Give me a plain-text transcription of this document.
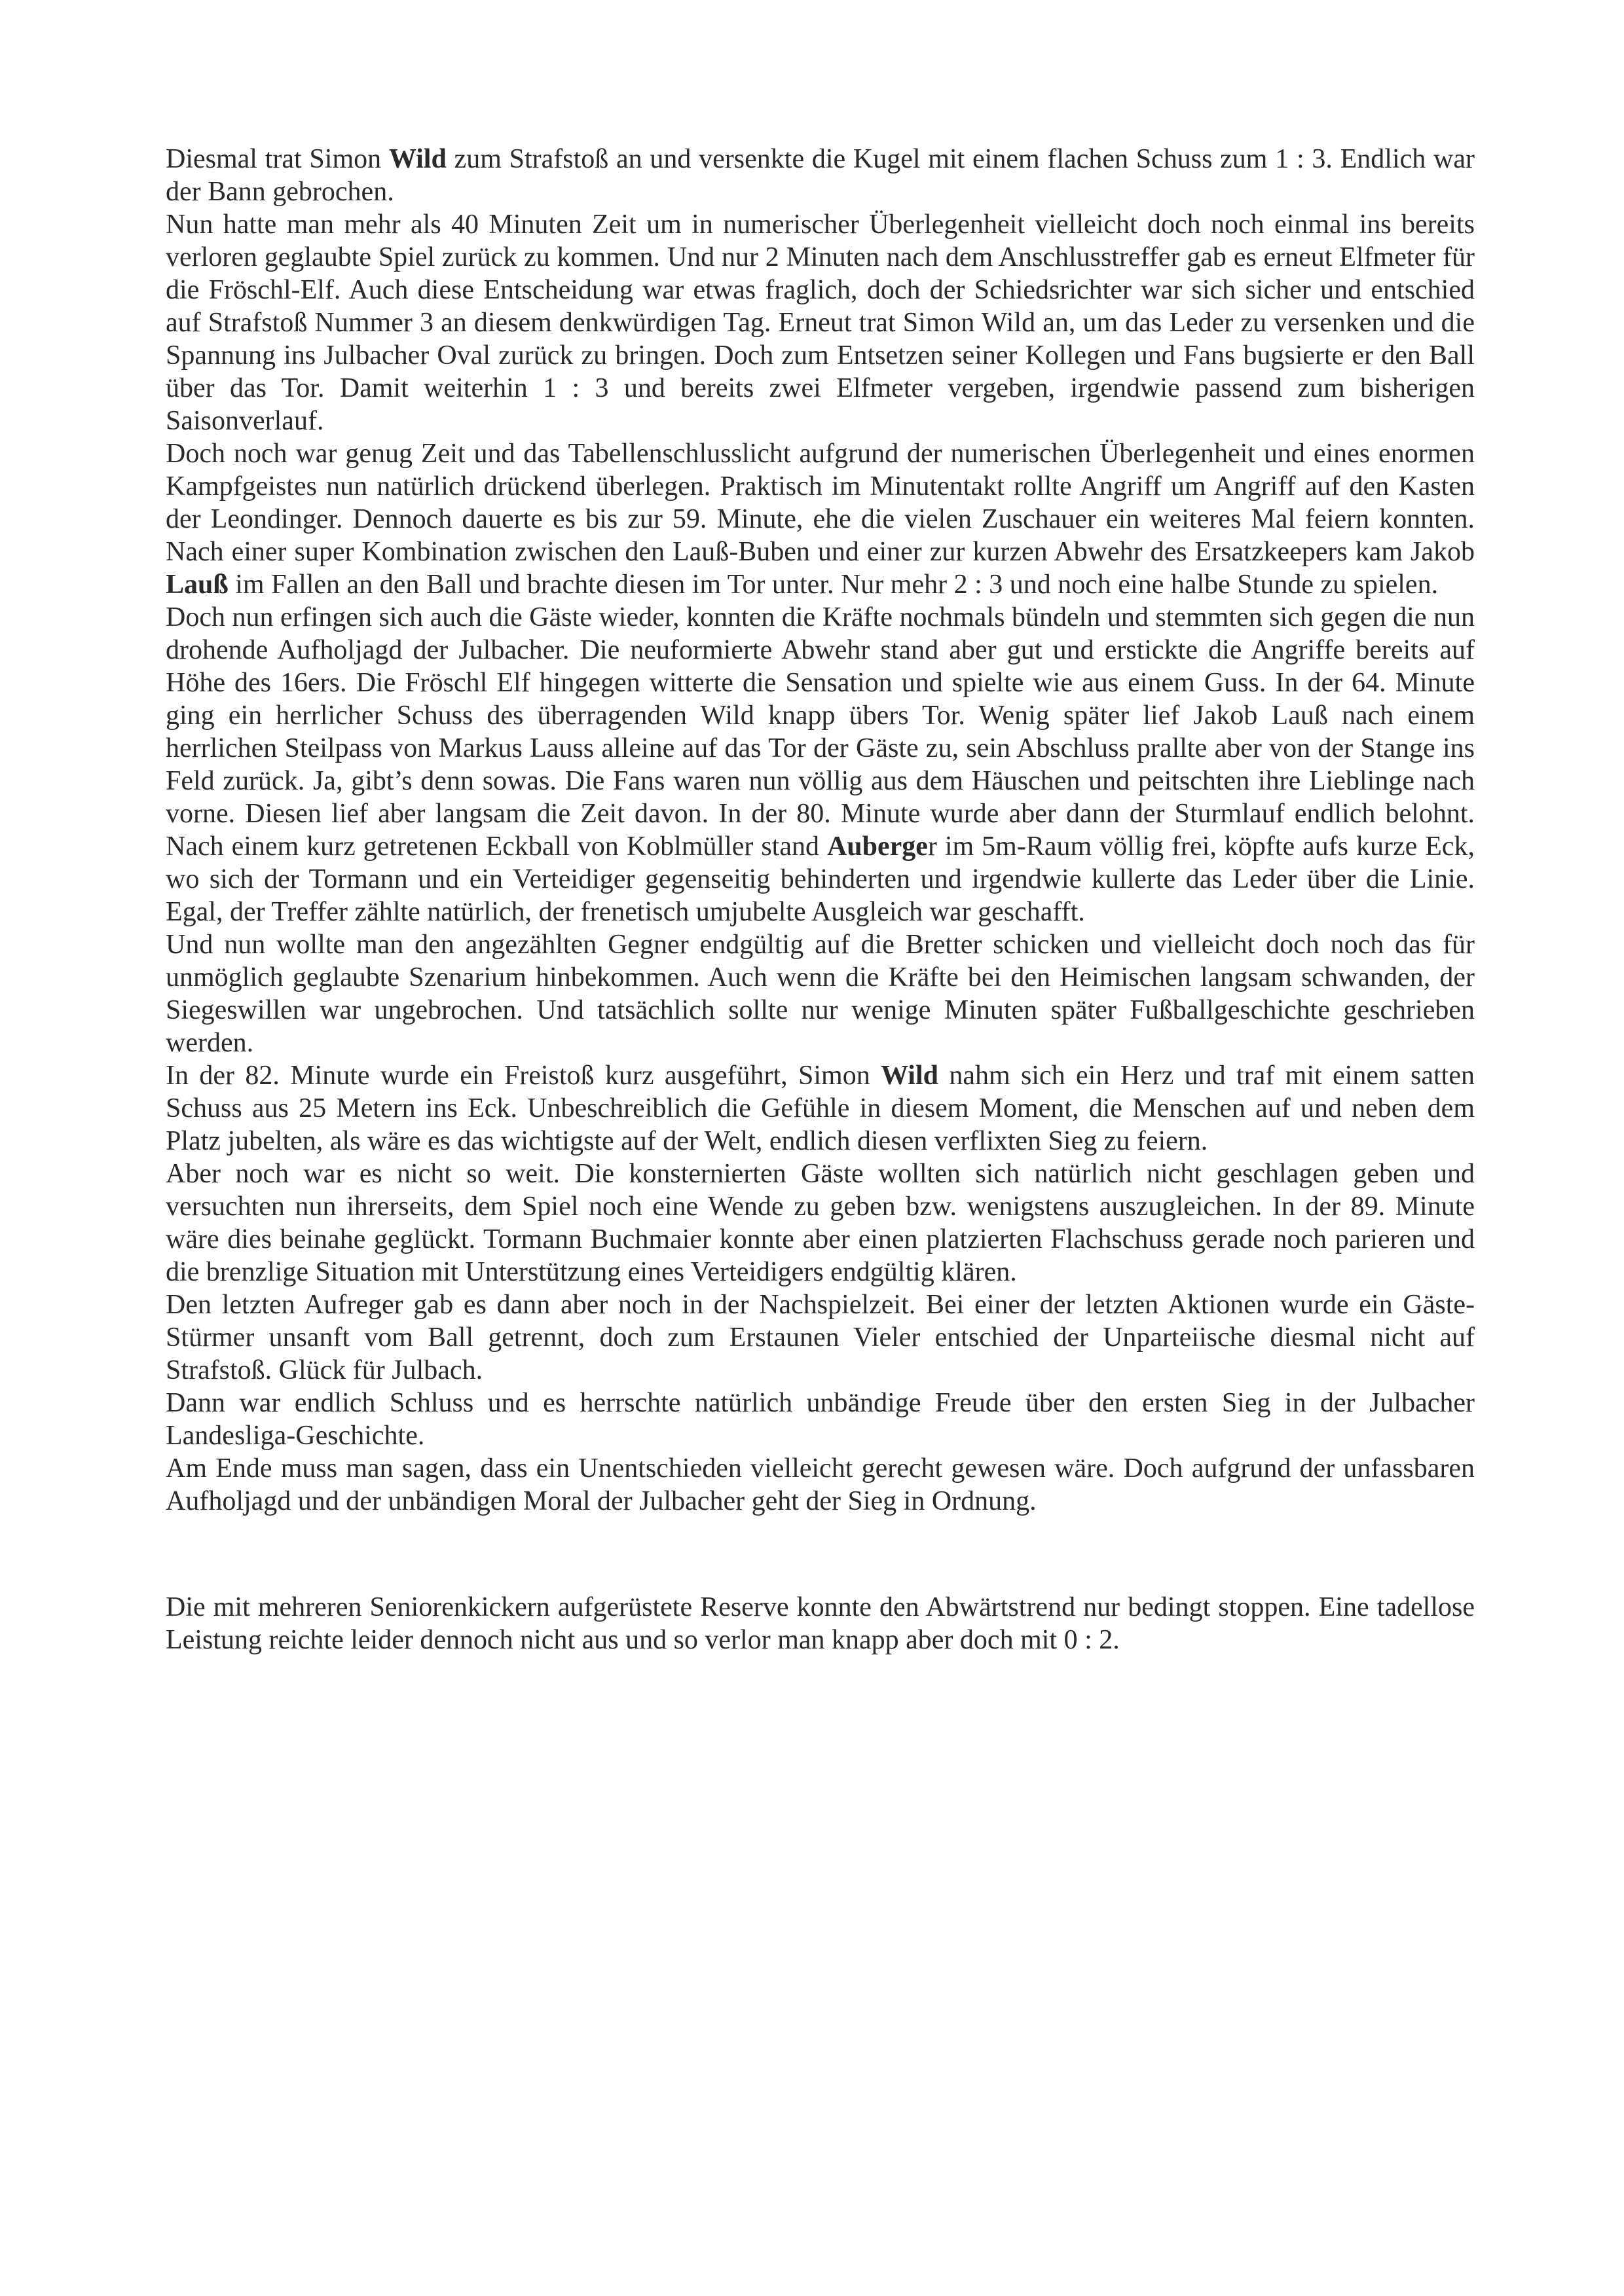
Diesmal trat Simon Wild zum Strafstoß an und versenkte die Kugel mit einem flachen Schuss zum 1 : 3. Endlich war der Bann gebrochen.

Nun hatte man mehr als 40 Minuten Zeit um in numerischer Überlegenheit vielleicht doch noch einmal ins bereits verloren geglaubte Spiel zurück zu kommen. Und nur 2 Minuten nach dem Anschlusstreffer gab es erneut Elfmeter für die Fröschl-Elf. Auch diese Entscheidung war etwas fraglich, doch der Schiedsrichter war sich sicher und entschied auf Strafstoß Nummer 3 an diesem denkwürdigen Tag. Erneut trat Simon Wild an, um das Leder zu versenken und die Spannung ins Julbacher Oval zurück zu bringen. Doch zum Entsetzen seiner Kollegen und Fans bugsierte er den Ball über das Tor. Damit weiterhin 1 : 3 und bereits zwei Elfmeter vergeben, irgendwie passend zum bisherigen Saisonverlauf.

Doch noch war genug Zeit und das Tabellenschlusslicht aufgrund der numerischen Überlegenheit und eines enormen Kampfgeistes nun natürlich drückend überlegen. Praktisch im Minutentakt rollte Angriff um Angriff auf den Kasten der Leondinger. Dennoch dauerte es bis zur 59. Minute, ehe die vielen Zuschauer ein weiteres Mal feiern konnten. Nach einer super Kombination zwischen den Lauß-Buben und einer zur kurzen Abwehr des Ersatzkeepers kam Jakob Lauß im Fallen an den Ball und brachte diesen im Tor unter. Nur mehr 2 : 3 und noch eine halbe Stunde zu spielen.

Doch nun erfingen sich auch die Gäste wieder, konnten die Kräfte nochmals bündeln und stemmten sich gegen die nun drohende Aufholjagd der Julbacher. Die neuformierte Abwehr stand aber gut und erstickte die Angriffe bereits auf Höhe des 16ers. Die Fröschl Elf hingegen witterte die Sensation und spielte wie aus einem Guss. In der 64. Minute ging ein herrlicher Schuss des überragenden Wild knapp übers Tor. Wenig später lief Jakob Lauß nach einem herrlichen Steilpass von Markus Lauss alleine auf das Tor der Gäste zu, sein Abschluss prallte aber von der Stange ins Feld zurück. Ja, gibt’s denn sowas. Die Fans waren nun völlig aus dem Häuschen und peitschten ihre Lieblinge nach vorne. Diesen lief aber langsam die Zeit davon. In der 80. Minute wurde aber dann der Sturmlauf endlich belohnt. Nach einem kurz getretenen Eckball von Koblmüller stand Auberger im 5m-Raum völlig frei, köpfte aufs kurze Eck, wo sich der Tormann und ein Verteidiger gegenseitig behinderten und irgendwie kullerte das Leder über die Linie. Egal, der Treffer zählte natürlich, der frenetisch umjubelte Ausgleich war geschafft.

Und nun wollte man den angezählten Gegner endgültig auf die Bretter schicken und vielleicht doch noch das für unmöglich geglaubte Szenarium hinbekommen. Auch wenn die Kräfte bei den Heimischen langsam schwanden, der Siegeswillen war ungebrochen. Und tatsächlich sollte nur wenige Minuten später Fußballgeschichte geschrieben werden.

In der 82. Minute wurde ein Freistoß kurz ausgeführt, Simon Wild nahm sich ein Herz und traf mit einem satten Schuss aus 25 Metern ins Eck. Unbeschreiblich die Gefühle in diesem Moment, die Menschen auf und neben dem Platz jubelten, als wäre es das wichtigste auf der Welt, endlich diesen verflixten Sieg zu feiern.

Aber noch war es nicht so weit. Die konsternierten Gäste wollten sich natürlich nicht geschlagen geben und versuchten nun ihrerseits, dem Spiel noch eine Wende zu geben bzw. wenigstens auszugleichen. In der 89. Minute wäre dies beinahe geglückt. Tormann Buchmaier konnte aber einen platzierten Flachschuss gerade noch parieren und die brenzlige Situation mit Unterstützung eines Verteidigers endgültig klären.

Den letzten Aufreger gab es dann aber noch in der Nachspielzeit. Bei einer der letzten Aktionen wurde ein Gäste-Stürmer unsanft vom Ball getrennt, doch zum Erstaunen Vieler entschied der Unparteiische diesmal nicht auf Strafstoß. Glück für Julbach.

Dann war endlich Schluss und es herrschte natürlich unbändige Freude über den ersten Sieg in der Julbacher Landesliga-Geschichte.

Am Ende muss man sagen, dass ein Unentschieden vielleicht gerecht gewesen wäre. Doch aufgrund der unfassbaren Aufholjagd und der unbändigen Moral der Julbacher geht der Sieg in Ordnung.

Die mit mehreren Seniorenkickern aufgerüstete Reserve konnte den Abwärtstrend nur bedingt stoppen. Eine tadellose Leistung reichte leider dennoch nicht aus und so verlor man knapp aber doch mit 0 : 2.
